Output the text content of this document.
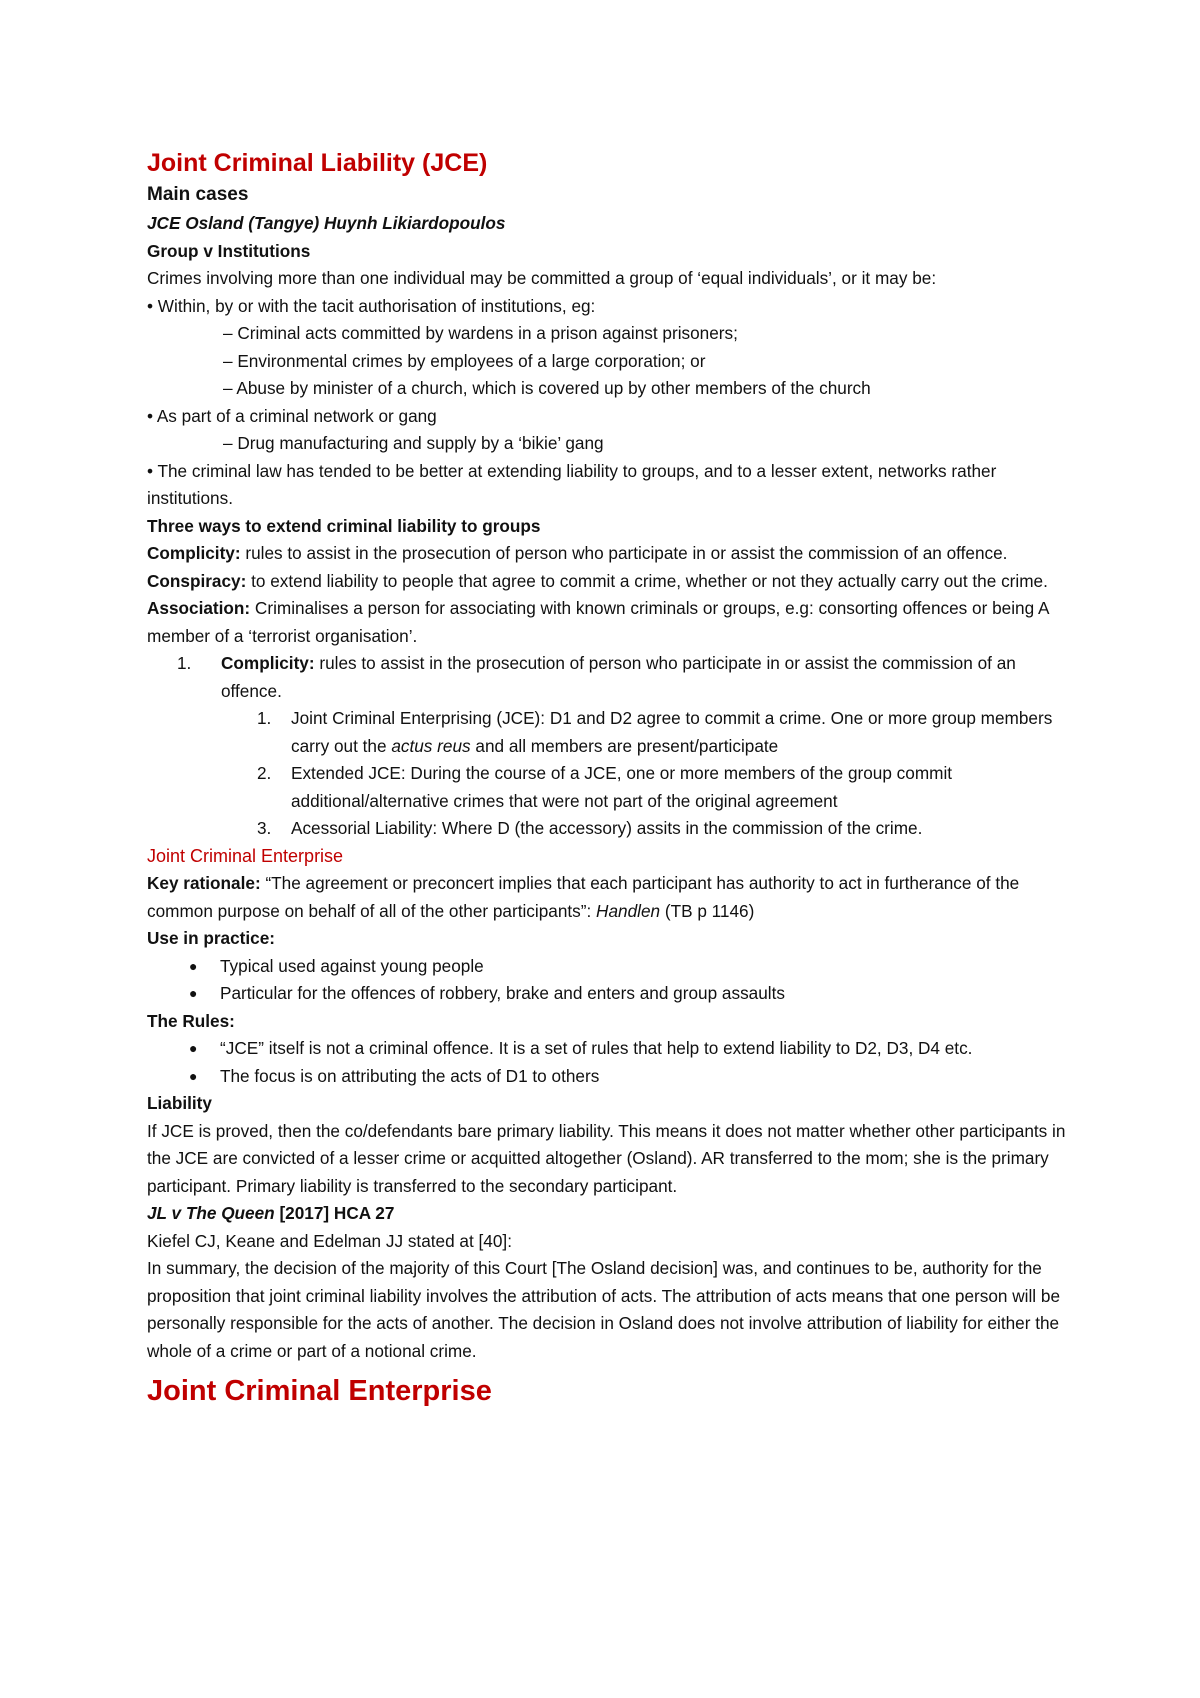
Joint Criminal Liability (JCE)

Main cases

JCE Osland (Tangye) Huynh Likiardopoulos

Group v Institutions

Crimes involving more than one individual may be committed a group of ‘equal individuals’, or it may be:

• Within, by or with the tacit authorisation of institutions, eg:

– Criminal acts committed by wardens in a prison against prisoners;

– Environmental crimes by employees of a large corporation; or

– Abuse by minister of a church, which is covered up by other members of the church

• As part of a criminal network or gang

– Drug manufacturing and supply by a ‘bikie’ gang

• The criminal law has tended to be better at extending liability to groups, and to a lesser extent, networks rather institutions.

Three ways to extend criminal liability to groups

Complicity: rules to assist in the prosecution of person who participate in or assist the commission of an offence.

Conspiracy: to extend liability to people that agree to commit a crime, whether or not they actually carry out the crime.

Association: Criminalises a person for associating with known criminals or groups, e.g: consorting offences or being A member of a ‘terrorist organisation’.

1. Complicity: rules to assist in the prosecution of person who participate in or assist the commission of an offence.

1.	Joint Criminal Enterprising (JCE): D1 and D2 agree to commit a crime. One or more group members carry out the actus reus and all members are present/participate

2.	Extended JCE: During the course of a JCE, one or more members of the group commit additional/alternative crimes that were not part of the original agreement

3.	Acessorial Liability: Where D (the accessory) assits in the commission of the crime.

Joint Criminal Enterprise

Key rationale: “The agreement or preconcert implies that each participant has authority to act in furtherance of the common purpose on behalf of all of the other participants”: Handlen (TB p 1146)

Use in practice:

● Typical used against young people

● Particular for the offences of robbery, brake and enters and group assaults

The Rules:

● “JCE” itself is not a criminal offence. It is a set of rules that help to extend liability to D2, D3, D4 etc.

● The focus is on attributing the acts of D1 to others

Liability

If JCE is proved, then the co/defendants bare primary liability. This means it does not matter whether other participants in the JCE are convicted of a lesser crime or acquitted altogether (Osland). AR transferred to the mom; she is the primary participant. Primary liability is transferred to the secondary participant.

JL v The Queen [2017] HCA 27

Kiefel CJ, Keane and Edelman JJ stated at [40]:

In summary, the decision of the majority of this Court [The Osland decision] was, and continues to be, authority for the proposition that joint criminal liability involves the attribution of acts. The attribution of acts means that one person will be personally responsible for the acts of another. The decision in Osland does not involve attribution of liability for either the whole of a crime or part of a notional crime.

Joint Criminal Enterprise
